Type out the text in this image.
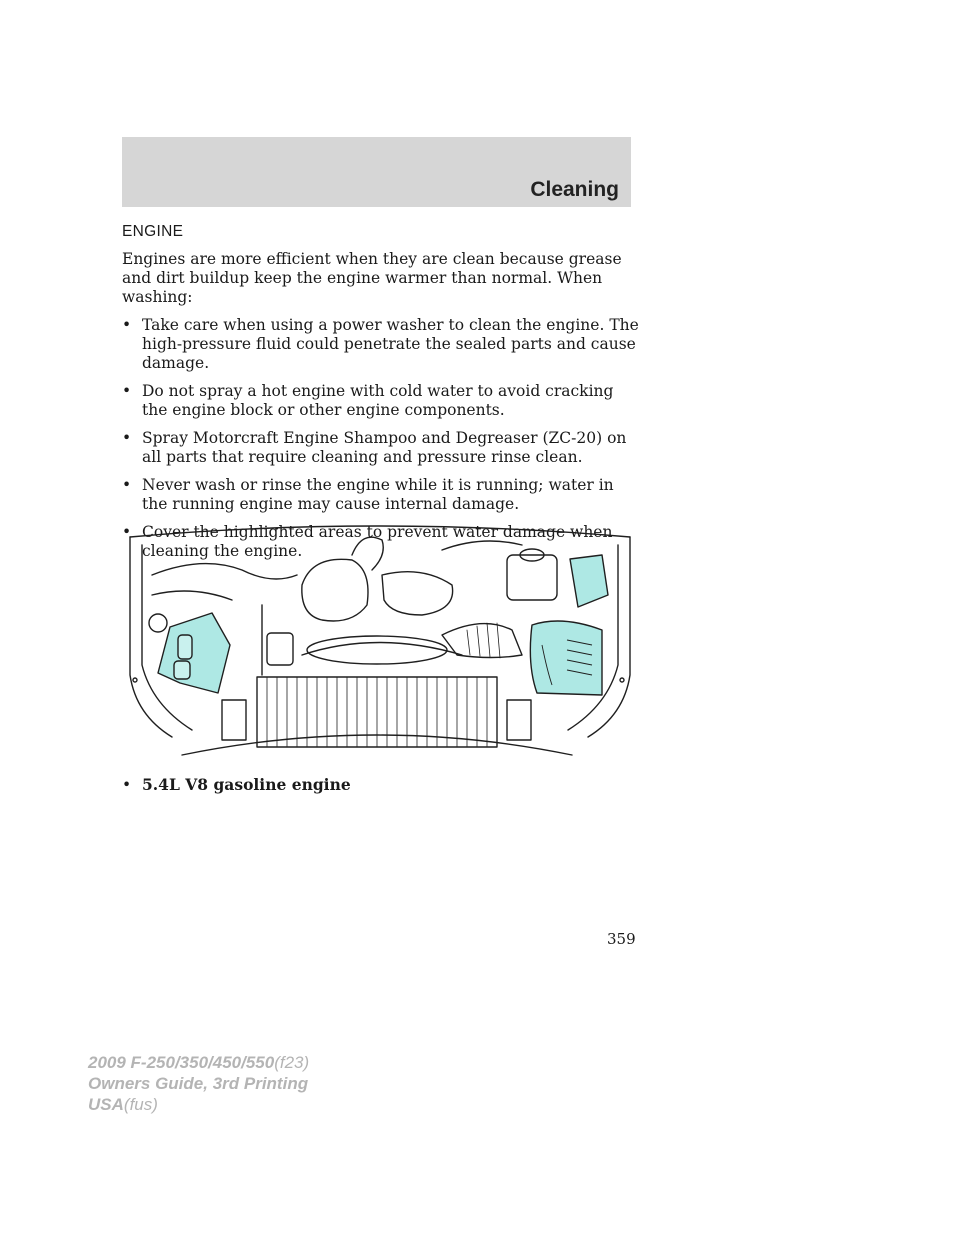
Cleaning
ENGINE

Engines are more efficient when they are clean because grease and dirt buildup keep the engine warmer than normal. When washing:

• Take care when using a power washer to clean the engine. The high-pressure fluid could penetrate the sealed parts and cause damage.
• Do not spray a hot engine with cold water to avoid cracking the engine block or other engine components.
• Spray Motorcraft Engine Shampoo and Degreaser (ZC-20) on all parts that require cleaning and pressure rinse clean.
• Never wash or rinse the engine while it is running; water in the running engine may cause internal damage.
• Cover the highlighted areas to prevent water damage when cleaning the engine.
• 5.4L V8 gasoline engine
359
2009 F-250/350/450/550(f23)
Owners Guide, 3rd Printing
USA(fus)
